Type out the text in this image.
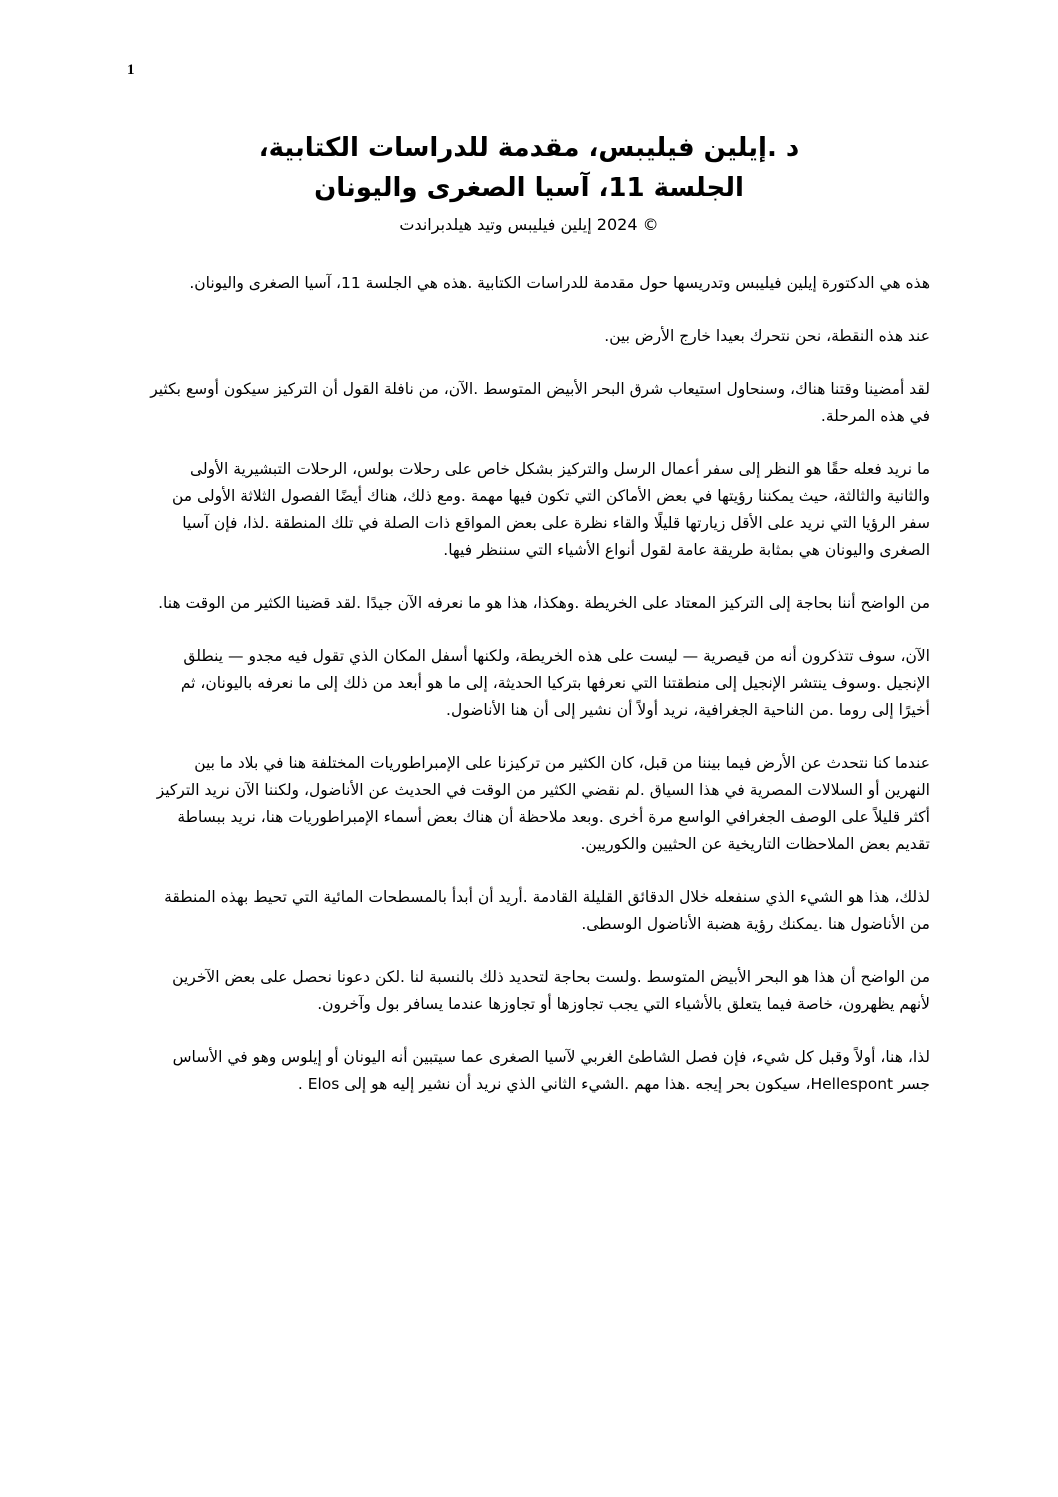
1

د .إيلين فيليبس، مقدمة للدراسات الكتابية،

الجلسة 11، آسيا الصغرى واليونان

© 2024 إيلين فيليبس وتيد هيلدبراندت

هذه هي الدكتورة إيلين فيليبس وتدريسها حول مقدمة للدراسات الكتابية .هذه هي الجلسة 11، آسيا الصغرى واليونان.

عند هذه النقطة، نحن نتحرك بعيدا خارج الأرض بين.

لقد أمضينا وقتنا هناك، وسنحاول استيعاب شرق البحر الأبيض المتوسط .الآن، من نافلة القول أن التركيز سيكون أوسع بكثير في هذه المرحلة.

ما نريد فعله حقًا هو النظر إلى سفر أعمال الرسل والتركيز بشكل خاص على رحلات بولس، الرحلات التبشيرية الأولى والثانية والثالثة، حيث يمكننا رؤيتها في بعض الأماكن التي تكون فيها مهمة .ومع ذلك، هناك أيضًا الفصول الثلاثة الأولى من سفر الرؤيا التي نريد على الأقل زيارتها قليلًا والقاء نظرة على بعض المواقع ذات الصلة في تلك المنطقة .لذا، فإن آسيا الصغرى واليونان هي بمثابة طريقة عامة لقول أنواع الأشياء التي سننظر فيها.

من الواضح أننا بحاجة إلى التركيز المعتاد على الخريطة .وهكذا، هذا هو ما نعرفه الآن جيدًا .لقد قضينا الكثير من الوقت هنا.

الآن، سوف تتذكرون أنه من قيصرية — ليست على هذه الخريطة، ولكنها أسفل المكان الذي تقول فيه مجدو — ينطلق الإنجيل .وسوف ينتشر الإنجيل إلى منطقتنا التي نعرفها بتركيا الحديثة، إلى ما هو أبعد من ذلك إلى ما نعرفه باليونان، ثم أخيرًا إلى روما .من الناحية الجغرافية، نريد أولاً أن نشير إلى أن هنا الأناضول.

عندما كنا نتحدث عن الأرض فيما بيننا من قبل، كان الكثير من تركيزنا على الإمبراطوريات المختلفة هنا في بلاد ما بين النهرين أو السلالات المصرية في هذا السياق .لم نقضي الكثير من الوقت في الحديث عن الأناضول، ولكننا الآن نريد التركيز أكثر قليلاً على الوصف الجغرافي الواسع مرة أخرى .وبعد ملاحظة أن هناك بعض أسماء الإمبراطوريات هنا، نريد ببساطة تقديم بعض الملاحظات التاريخية عن الحثيين والكوريين.

لذلك، هذا هو الشيء الذي سنفعله خلال الدقائق القليلة القادمة .أريد أن أبدأ بالمسطحات المائية التي تحيط بهذه المنطقة من الأناضول هنا .يمكنك رؤية هضبة الأناضول الوسطى.

من الواضح أن هذا هو البحر الأبيض المتوسط .ولست بحاجة لتحديد ذلك بالنسبة لنا .لكن دعونا نحصل على بعض الآخرين لأنهم يظهرون، خاصة فيما يتعلق بالأشياء التي يجب تجاوزها أو تجاوزها عندما يسافر بول وآخرون.

لذا، هنا، أولاً وقبل كل شيء، فإن فصل الشاطئ الغربي لآسيا الصغرى عما سيتبين أنه اليونان أو إيلوس وهو في الأساس جسر Hellespont، سيكون بحر إيجه .هذا مهم .الشيء الثاني الذي نريد أن نشير إليه هو إلى Elos .
